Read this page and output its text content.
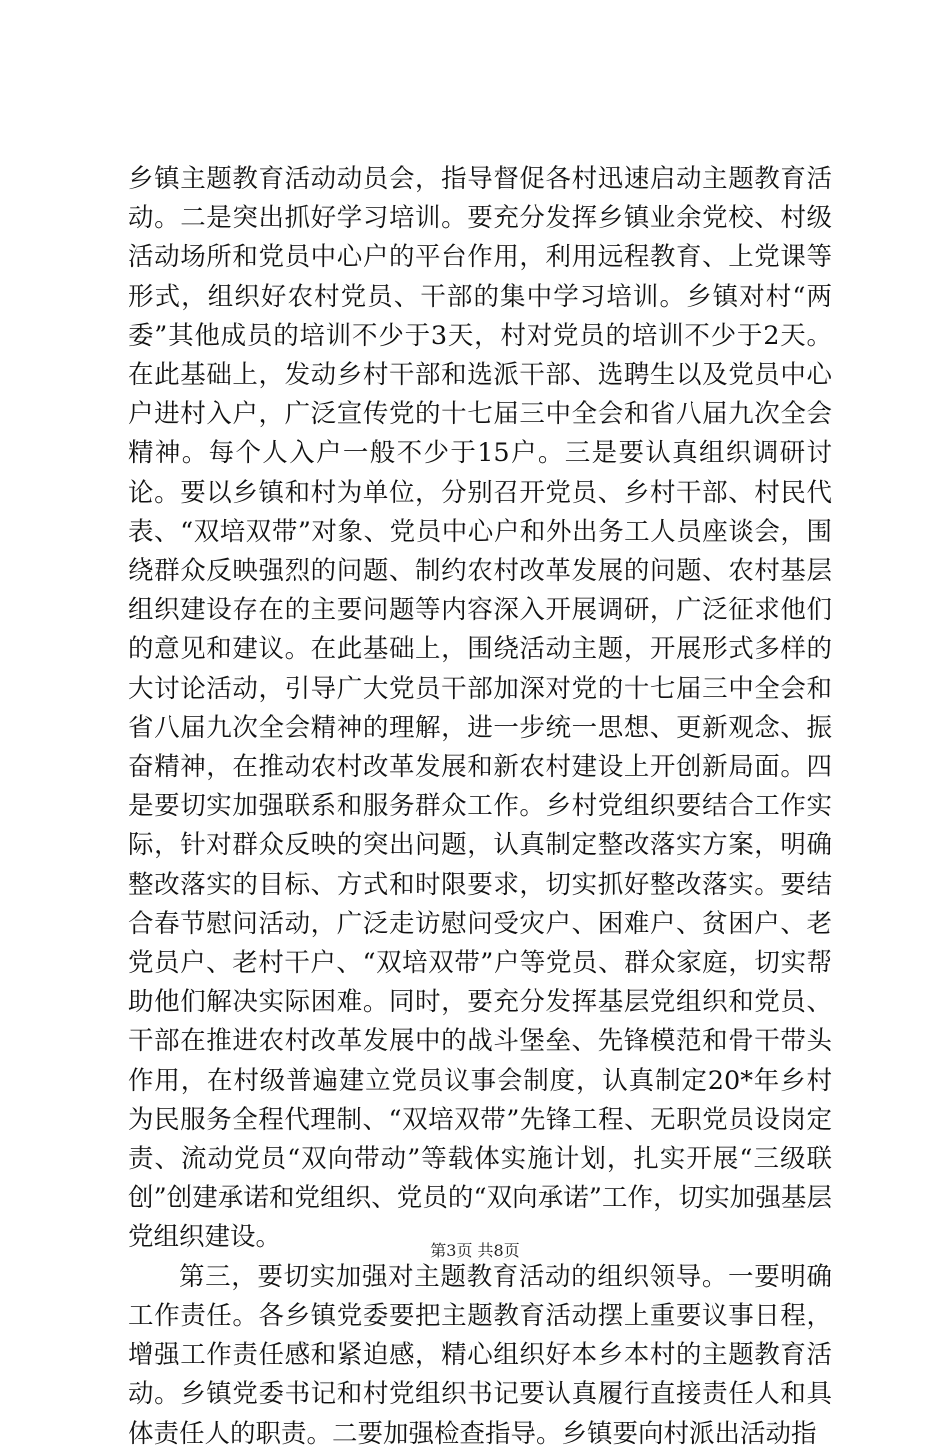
乡镇主题教育活动动员会，指导督促各村迅速启动主题教育活动。二是突出抓好学习培训。要充分发挥乡镇业余党校、村级活动场所和党员中心户的平台作用，利用远程教育、上党课等形式，组织好农村党员、干部的集中学习培训。乡镇对村“两委”其他成员的培训不少于3天，村对党员的培训不少于2天。在此基础上，发动乡村干部和选派干部、选聘生以及党员中心户进村入户，广泛宣传党的十七届三中全会和省八届九次全会精神。每个人入户一般不少于15户。三是要认真组织调研讨论。要以乡镇和村为单位，分别召开党员、乡村干部、村民代表、“双培双带”对象、党员中心户和外出务工人员座谈会，围绕群众反映强烈的问题、制约农村改革发展的问题、农村基层组织建设存在的主要问题等内容深入开展调研，广泛征求他们的意见和建议。在此基础上，围绕活动主题，开展形式多样的大讨论活动，引导广大党员干部加深对党的十七届三中全会和省八届九次全会精神的理解，进一步统一思想、更新观念、振奋精神，在推动农村改革发展和新农村建设上开创新局面。四是要切实加强联系和服务群众工作。乡村党组织要结合工作实际，针对群众反映的突出问题，认真制定整改落实方案，明确整改落实的目标、方式和时限要求，切实抓好整改落实。要结合春节慰问活动，广泛走访慰问受灾户、困难户、贫困户、老党员户、老村干户、“双培双带”户等党员、群众家庭，切实帮助他们解决实际困难。同时，要充分发挥基层党组织和党员、干部在推进农村改革发展中的战斗堡垒、先锋模范和骨干带头作用，在村级普遍建立党员议事会制度，认真制定20*年乡村为民服务全程代理制、“双培双带”先锋工程、无职党员设岗定责、流动党员“双向带动”等载体实施计划，扎实开展“三级联创”创建承诺和党组织、党员的“双向承诺”工作，切实加强基层党组织建设。

第三，要切实加强对主题教育活动的组织领导。一要明确工作责任。各乡镇党委要把主题教育活动摆上重要议事日程，增强工作责任感和紧迫感，精心组织好本乡本村的主题教育活动。乡镇党委书记和村党组织书记要认真履行直接责任人和具体责任人的职责。二要加强检查指导。乡镇要向村派出活动指

第3页 共8页
